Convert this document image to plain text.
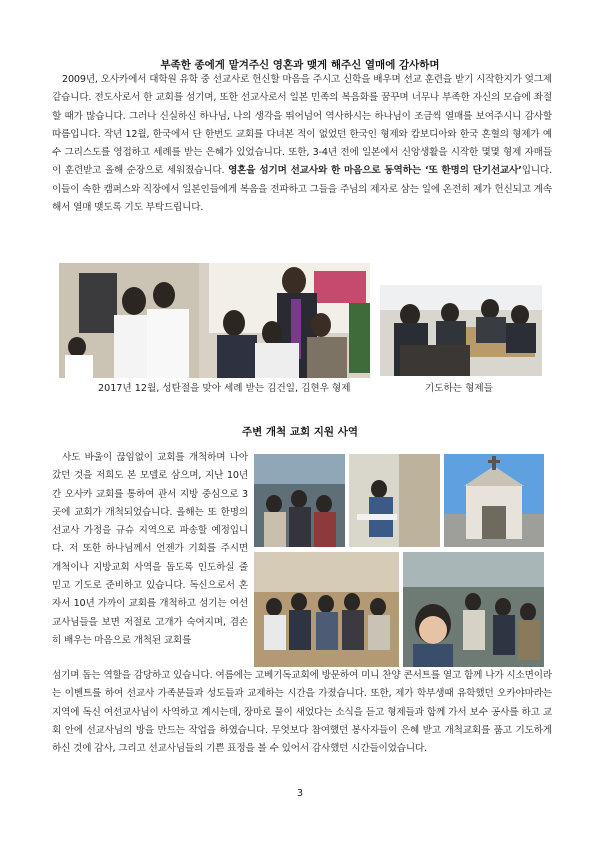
부족한 종에게 맡겨주신 영혼과 맺게 해주신 열매에 감사하며

2009년, 오사카에서 대학원 유학 중 선교사로 헌신할 마음을 주시고 신학을 배우며 선교 훈련을 받기 시작한지가 엊그제 같습니다. 전도사로서 한 교회를 섬기며, 또한 선교사로서 일본 민족의 복음화를 꿈꾸며 너무나 부족한 자신의 모습에 좌절할 때가 많습니다. 그러나 신실하신 하나님, 나의 생각을 뛰어넘어 역사하시는 하나님이 조금씩 열매를 보여주시니 감사할 따름입니다. 작년 12월, 한국에서 단 한번도 교회를 다녀본 적이 없었던 한국인 형제와 캄보디아와 한국 혼혈의 형제가 예수 그리스도를 영접하고 세례를 받는 은혜가 있었습니다. 또한, 3-4년 전에 일본에서 신앙생활을 시작한 몇몇 형제 자매들이 훈련받고 올해 순장으로 세워졌습니다. 영혼을 섬기며 선교사와 한 마음으로 동역하는 ‘또 한명의 단기선교사’입니다. 이들이 속한 캠퍼스와 직장에서 일본인들에게 복음을 전파하고 그들을 주님의 제자로 삼는 일에 온전히 제가 헌신되고 계속해서 열매 맺도록 기도 부탁드립니다.

2017년 12월, 성탄절을 맞아 세례 받는 김건일, 김현우 형제	기도하는 형제들
주변 개척 교회 지원 사역

사도 바울이 끊임없이 교회를 개척하며 나아갔던 것을 저희도 본 모델로 삼으며, 지난 10년 간 오사카 교회를 통하여 관서 지방 중심으로 3곳에 교회가 개척되었습니다. 올해는 또 한명의 선교사 가정을 규슈 지역으로 파송할 예정입니다. 저 또한 하나님께서 언젠가 기회를 주시면 개척이나 지방교회 사역을 돕도록 인도하실 줄 믿고 기도로 준비하고 있습니다. 독신으로서 혼자서 10년 가까이 교회를 개척하고 섬기는 여선교사님들을 보면 저절로 고개가 숙여지며, 겸손히 배우는 마음으로 개척된 교회를

섬기며 돕는 역할을 감당하고 있습니다. 여름에는 고베기독교회에 방문하여 미니 찬양 콘서트를 열고 함께 나가 시소면이라는 이벤트를 하여 선교사 가족분들과 성도들과 교제하는 시간을 가졌습니다. 또한, 제가 학부생때 유학했던 오카야마라는 지역에 독신 여선교사님이 사역하고 계시는데, 장마로 물이 새었다는 소식을 듣고 형제들과 함께 가서 보수 공사를 하고 교회 안에 선교사님의 방을 만드는 작업을 하였습니다. 무엇보다 참여했던 봉사자들이 은혜 받고 개척교회를 품고 기도하게 하신 것에 감사, 그리고 선교사님들의 기쁜 표정을 볼 수 있어서 감사했던 시간들이었습니다.

3
